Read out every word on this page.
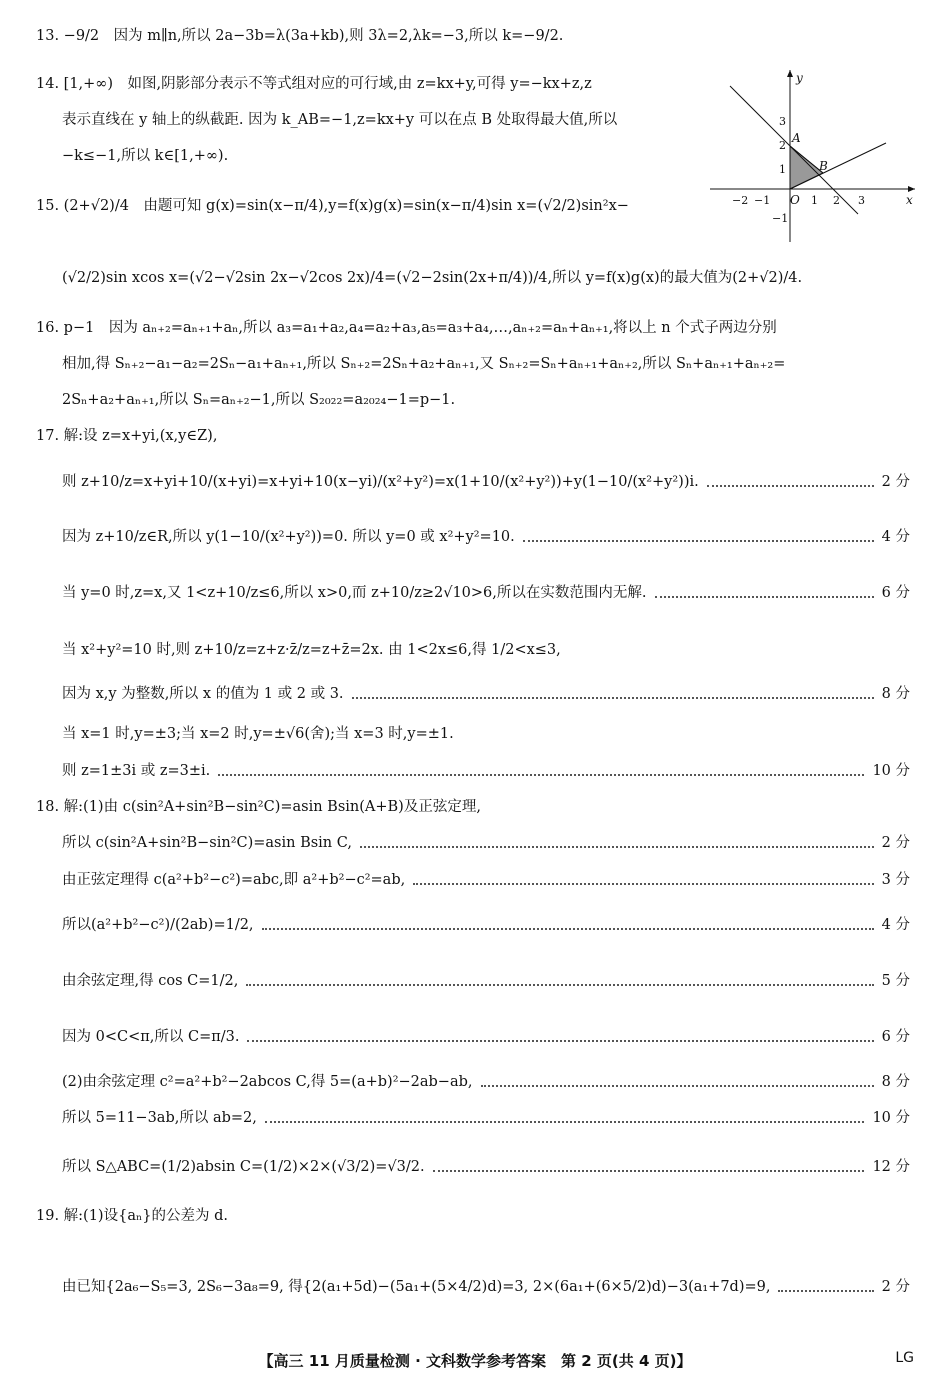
13. −9/2　因为 m∥n,所以 2a−3b=λ(3a+kb),则 3λ=2,λk=−3,所以 k=−9/2.
14. [1,+∞)　如图,阴影部分表示不等式组对应的可行域,由 z=kx+y,可得 y=−kx+z,z
表示直线在 y 轴上的纵截距. 因为 k_AB=−1,z=kx+y 可以在点 B 处取得最大值,所以
−k≤−1,所以 k∈[1,+∞).
15. (2+√2)/4　由题可知 g(x)=sin(x−π/4),y=f(x)g(x)=sin(x−π/4)sin x=(√2/2)sin²x−
(√2/2)sin xcos x=(√2−√2sin 2x−√2cos 2x)/4=(√2−2sin(2x+π/4))/4,所以 y=f(x)g(x)的最大值为(2+√2)/4.
16. p−1　因为 aₙ₊₂=aₙ₊₁+aₙ,所以 a₃=a₁+a₂,a₄=a₂+a₃,a₅=a₃+a₄,…,aₙ₊₂=aₙ+aₙ₊₁,将以上 n 个式子两边分别
相加,得 Sₙ₊₂−a₁−a₂=2Sₙ−a₁+aₙ₊₁,所以 Sₙ₊₂=2Sₙ+a₂+aₙ₊₁,又 Sₙ₊₂=Sₙ+aₙ₊₁+aₙ₊₂,所以 Sₙ+aₙ₊₁+aₙ₊₂=
2Sₙ+a₂+aₙ₊₁,所以 Sₙ=aₙ₊₂−1,所以 S₂₀₂₂=a₂₀₂₄−1=p−1.
y
x
O
A
B
−2 −1	1 2 3
1
2
3
−1
17. 解:设 z=x+yi,(x,y∈Z),
则 z+10/z=x+yi+10/(x+yi)=x+yi+10(x−yi)/(x²+y²)=x(1+10/(x²+y²))+y(1−10/(x²+y²))i.	2 分
因为 z+10/z∈R,所以 y(1−10/(x²+y²))=0. 所以 y=0 或 x²+y²=10.	4 分
当 y=0 时,z=x,又 1<z+10/z≤6,所以 x>0,而 z+10/z≥2√10>6,所以在实数范围内无解.	6 分
当 x²+y²=10 时,则 z+10/z=z+z·z̄/z=z+z̄=2x. 由 1<2x≤6,得 1/2<x≤3,
因为 x,y 为整数,所以 x 的值为 1 或 2 或 3.	8 分
当 x=1 时,y=±3;当 x=2 时,y=±√6(舍);当 x=3 时,y=±1.
则 z=1±3i 或 z=3±i.	10 分
18. 解:(1)由 c(sin²A+sin²B−sin²C)=asin Bsin(A+B)及正弦定理,
所以 c(sin²A+sin²B−sin²C)=asin Bsin C,	2 分
由正弦定理得 c(a²+b²−c²)=abc,即 a²+b²−c²=ab,	3 分
所以(a²+b²−c²)/(2ab)=1/2,	4 分
由余弦定理,得 cos C=1/2,	5 分
因为 0<C<π,所以 C=π/3.	6 分
(2)由余弦定理 c²=a²+b²−2abcos C,得 5=(a+b)²−2ab−ab,	8 分
所以 5=11−3ab,所以 ab=2,	10 分
所以 S△ABC=(1/2)absin C=(1/2)×2×(√3/2)=√3/2.	12 分
19. 解:(1)设{aₙ}的公差为 d.
由已知{2a₆−S₅=3, 2S₆−3a₈=9, 得{2(a₁+5d)−(5a₁+(5×4/2)d)=3, 2×(6a₁+(6×5/2)d)−3(a₁+7d)=9,	2 分
【高三 11 月质量检测 · 文科数学参考答案　第 2 页(共 4 页)】	LG
